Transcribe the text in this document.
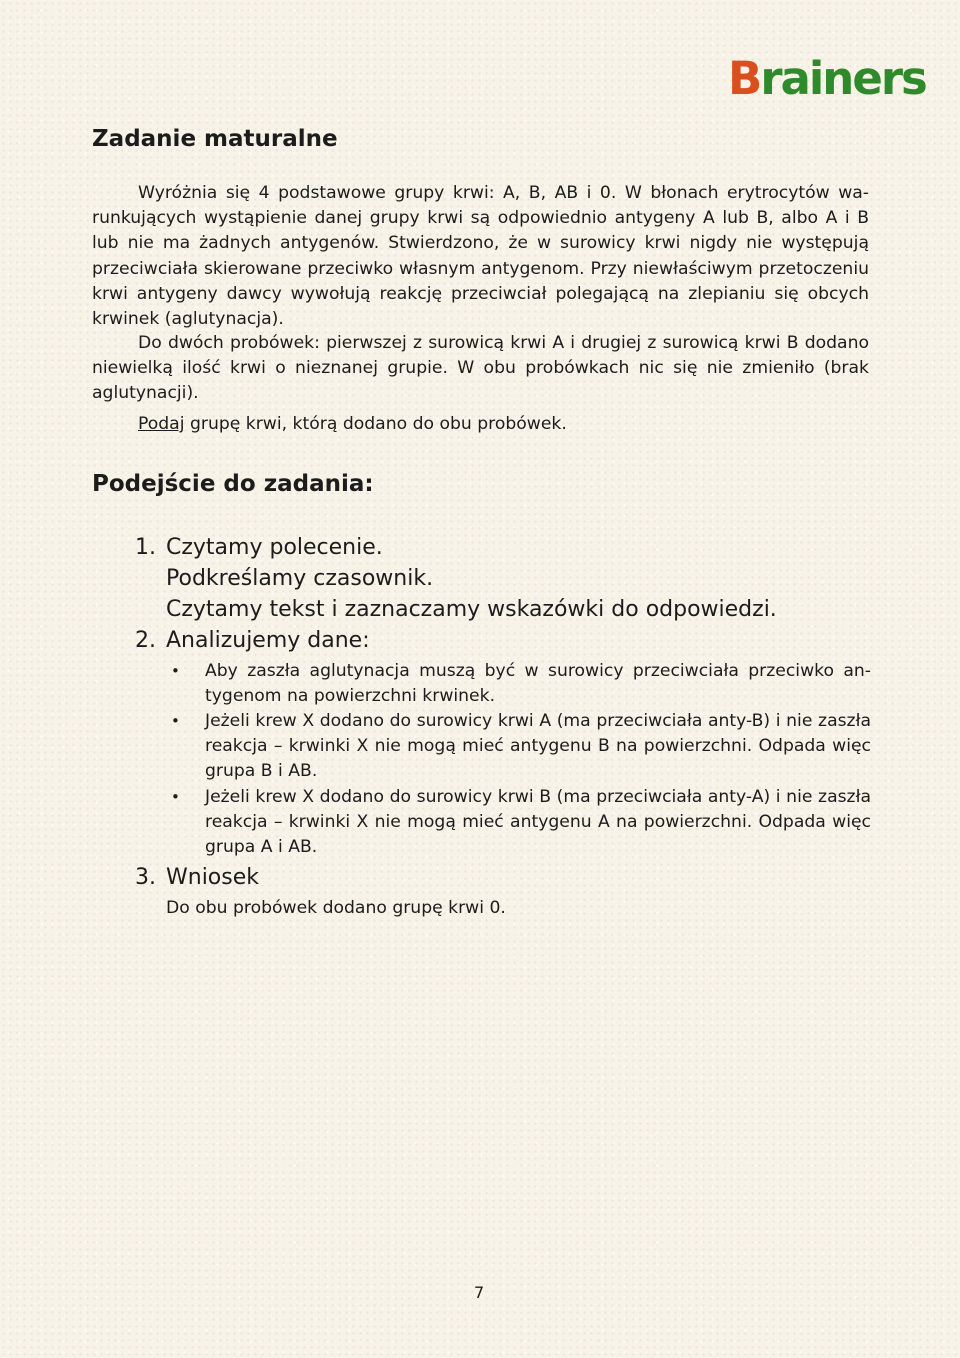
Brainers
Zadanie maturalne

Wyróżnia się 4 podstawowe grupy krwi: A, B, AB i 0. W błonach erytrocytów warunkujących wystąpienie danej grupy krwi są odpowiednio antygeny A lub B, albo A i B lub nie ma żadnych antygenów. Stwierdzono, że w surowicy krwi nigdy nie występują przeciwciała skierowane przeciwko własnym antygenom. Przy niewłaściwym przetoczeniu krwi antygeny dawcy wywołują reakcję przeciwciał polegającą na zlepianiu się obcych krwinek (aglutynacja).

Do dwóch probówek: pierwszej z surowicą krwi A i drugiej z surowicą krwi B dodano niewielką ilość krwi o nieznanej grupie. W obu probówkach nic się nie zmieniło (brak aglutynacji).

Podaj grupę krwi, którą dodano do obu probówek.

Podejście do zadania:
1. Czytamy polecenie.
Podkreślamy czasownik.
Czytamy tekst i zaznaczamy wskazówki do odpowiedzi.
2. Analizujemy dane:
• Aby zaszła aglutynacja muszą być w surowicy przeciwciała przeciwko antygenom na powierzchni krwinek.

• Jeżeli krew X dodano do surowicy krwi A (ma przeciwciała anty-B) i nie zaszła reakcja – krwinki X nie mogą mieć antygenu B na powierzchni. Odpada więc grupa B i AB.

• Jeżeli krew X dodano do surowicy krwi B (ma przeciwciała anty-A) i nie zaszła reakcja – krwinki X nie mogą mieć antygenu A na powierzchni. Odpada więc grupa A i AB.

3. Wniosek

Do obu probówek dodano grupę krwi 0.

7
